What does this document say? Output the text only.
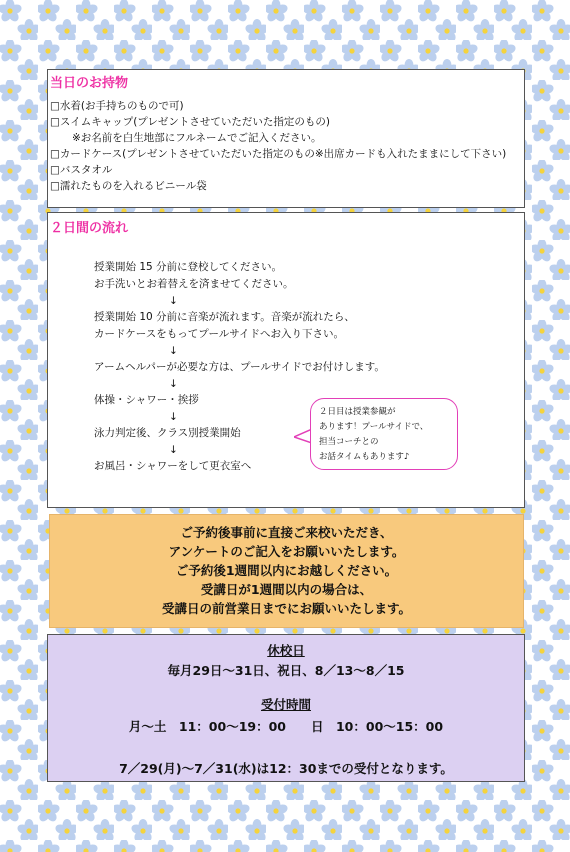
当日のお持物
□水着(お手持ちのもので可)
□スイムキャップ(プレゼントさせていただいた指定のもの)
※お名前を白生地部にフルネームでご記入ください。
□カードケース(プレゼントさせていただいた指定のもの※出席カードも入れたままにして下さい)
□バスタオル
□濡れたものを入れるビニール袋
２日間の流れ
授業開始 15 分前に登校してください。
お手洗いとお着替えを済ませてください。
↓
授業開始 10 分前に音楽が流れます。音楽が流れたら、
カードケースをもってプールサイドへお入り下さい。
↓
アームヘルパーが必要な方は、プールサイドでお付けします。
↓
体操・シャワー・挨拶
↓
泳力判定後、クラス別授業開始
↓
お風呂・シャワーをして更衣室へ
２日目は授業参観が
あります！プールサイドで、
担当コーチとの
お話タイムもあります♪
ご予約後事前に直接ご来校いただき、
アンケートのご記入をお願いいたします。
ご予約後1週間以内にお越しください。
受講日が1週間以内の場合は、
受講日の前営業日までにお願いいたします。
休校日
毎月29日～31日、祝日、8／13～8／15
受付時間
月～土　11：00～19：00　　日　10：00～15：00
7／29(月)～7／31(水)は12：30までの受付となります。
